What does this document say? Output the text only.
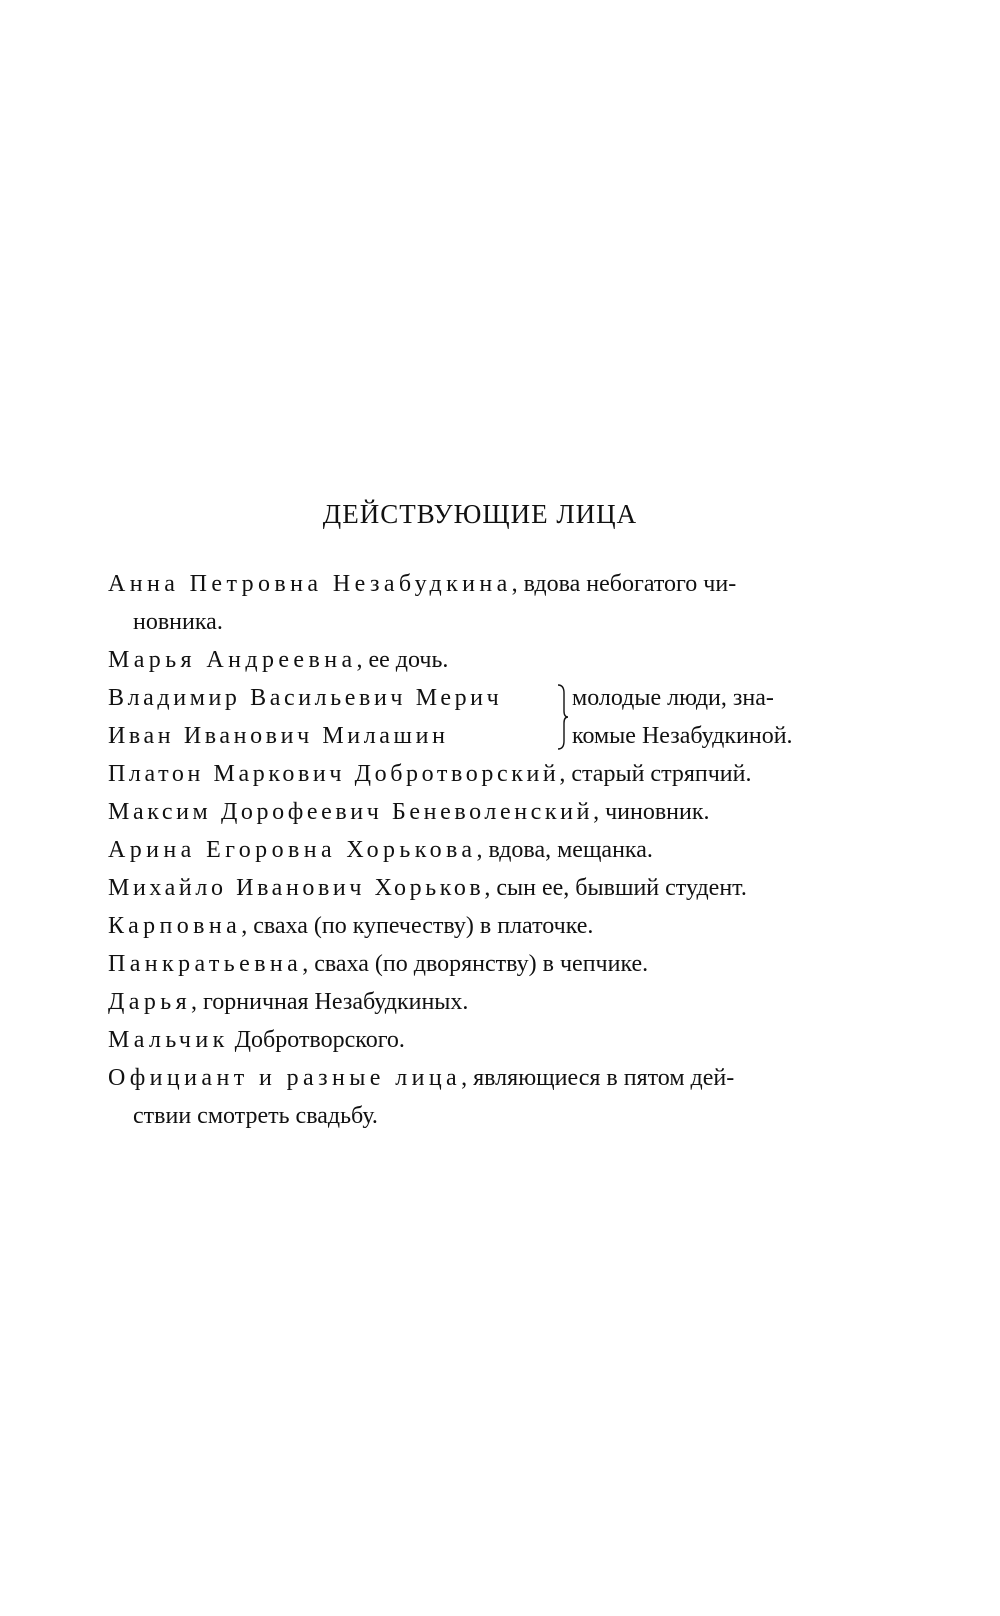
ДЕЙСТВУЮЩИЕ ЛИЦА
Анна Петровна Незабудкина, вдова небогатого чи-
новника.
Марья Андреевна, ее дочь.
Владимир Васильевич Мерич
Иван Иванович Милашин
молодые люди, зна-
комые Незабудкиной.
Платон Маркович Добротворский, старый стряпчий.
Максим Дорофеевич Беневоленский, чиновник.
Арина Егоровна Хорькова, вдова, мещанка.
Михайло Иванович Хорьков, сын ее, бывший студент.
Карповна, сваха (по купечеству) в платочке.
Панкратьевна, сваха (по дворянству) в чепчике.
Дарья, горничная Незабудкиных.
Мальчик Добротворского.
Официант и разные лица, являющиеся в пятом дей-
ствии смотреть свадьбу.
